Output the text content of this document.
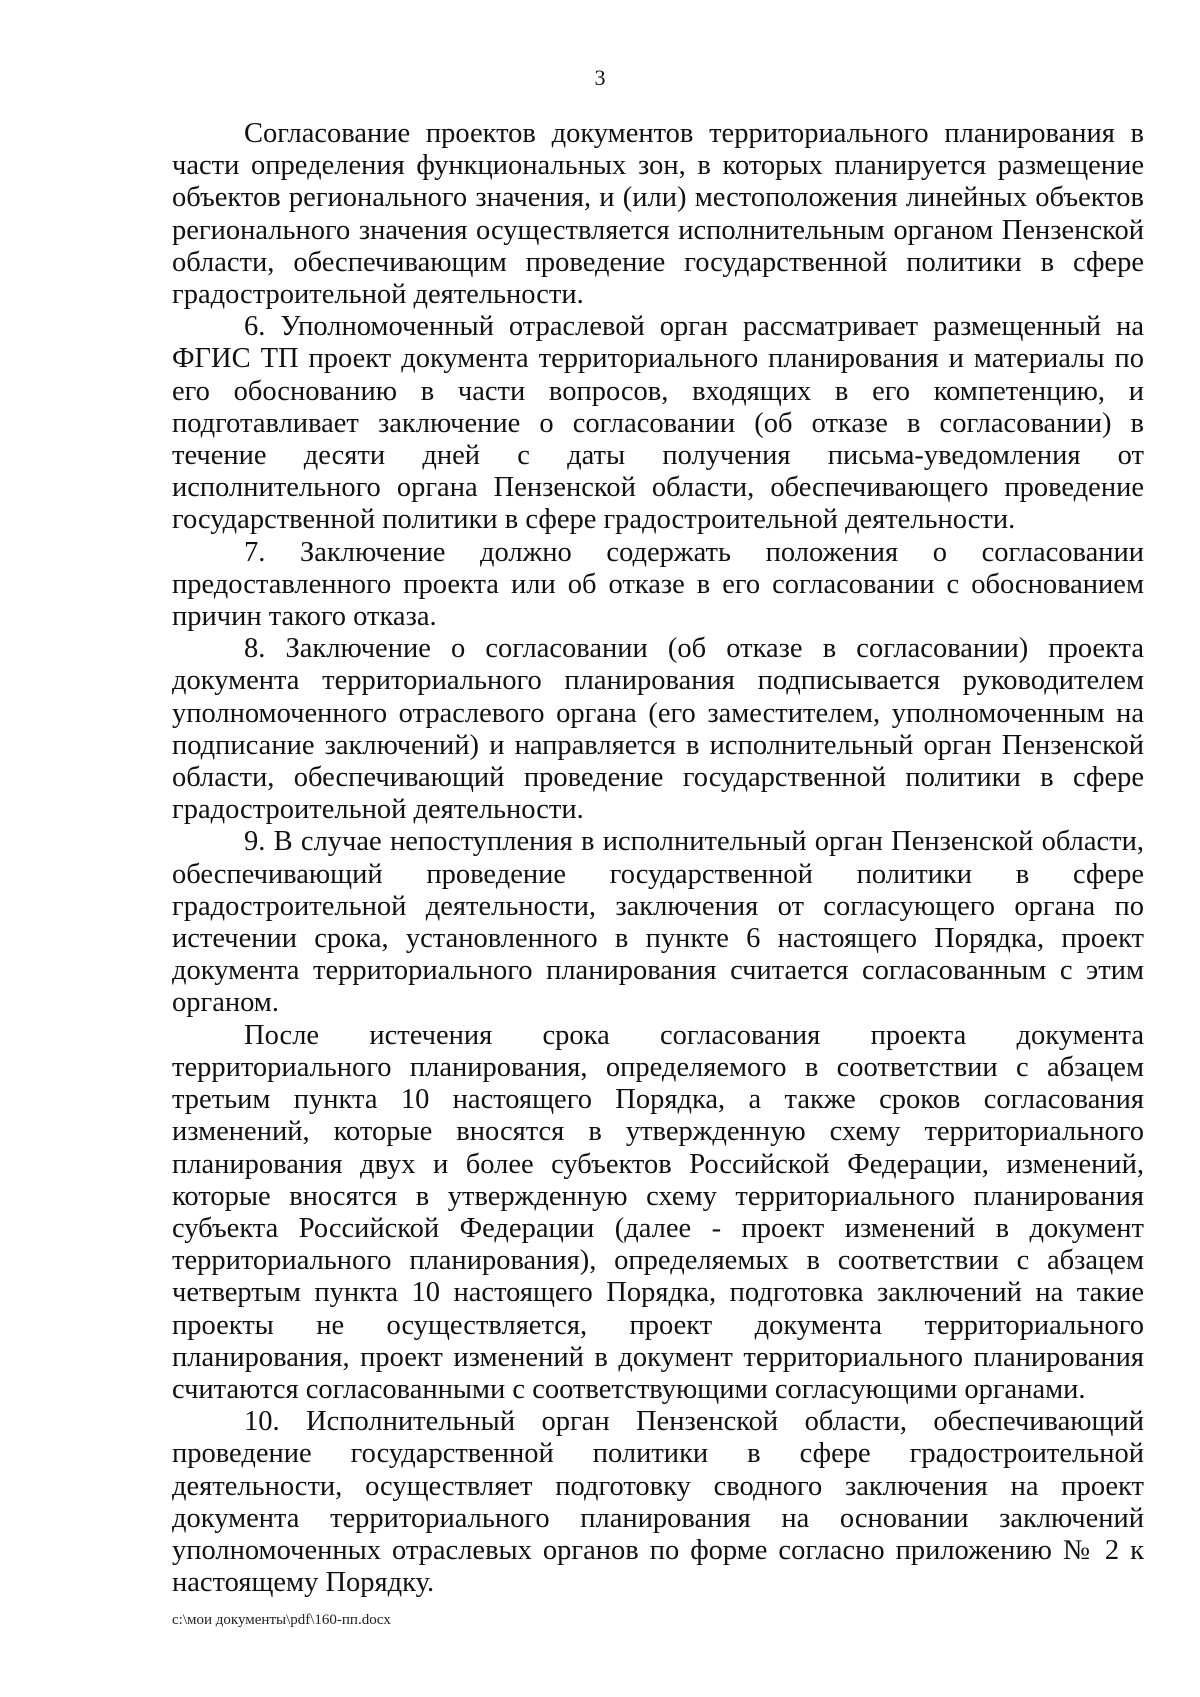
3

Согласование проектов документов территориального планирования в части определения функциональных зон, в которых планируется размещение объектов регионального значения, и (или) местоположения линейных объектов регионального значения осуществляется исполнительным органом Пензенской области, обеспечивающим проведение государственной политики в сфере градостроительной деятельности.

6. Уполномоченный отраслевой орган рассматривает размещенный на ФГИС ТП проект документа территориального планирования и материалы по его обоснованию в части вопросов, входящих в его компетенцию, и подготавливает заключение о согласовании (об отказе в согласовании) в течение десяти дней с даты получения письма-уведомления от исполнительного органа Пензенской области, обеспечивающего проведение государственной политики в сфере градостроительной деятельности.

7. Заключение должно содержать положения о согласовании предоставленного проекта или об отказе в его согласовании с обоснованием причин такого отказа.

8. Заключение о согласовании (об отказе в согласовании) проекта документа территориального планирования подписывается руководителем уполномоченного отраслевого органа (его заместителем, уполномоченным на подписание заключений) и направляется в исполнительный орган Пензенской области, обеспечивающий проведение государственной политики в сфере градостроительной деятельности.

9. В случае непоступления в исполнительный орган Пензенской области, обеспечивающий проведение государственной политики в сфере градостроительной деятельности, заключения от согласующего органа по истечении срока, установленного в пункте 6 настоящего Порядка, проект документа территориального планирования считается согласованным с этим органом.

После истечения срока согласования проекта документа территориального планирования, определяемого в соответствии с абзацем третьим пункта 10 настоящего Порядка, а также сроков согласования изменений, которые вносятся в утвержденную схему территориального планирования двух и более субъектов Российской Федерации, изменений, которые вносятся в утвержденную схему территориального планирования субъекта Российской Федерации (далее - проект изменений в документ территориального планирования), определяемых в соответствии с абзацем четвертым пункта 10 настоящего Порядка, подготовка заключений на такие проекты не осуществляется, проект документа территориального планирования, проект изменений в документ территориального планирования считаются согласованными с соответствующими согласующими органами.

10. Исполнительный орган Пензенской области, обеспечивающий проведение государственной политики в сфере градостроительной деятельности, осуществляет подготовку сводного заключения на проект документа территориального планирования на основании заключений уполномоченных отраслевых органов по форме согласно приложению № 2 к настоящему Порядку.

c:\мои документы\pdf\160-пп.docx
